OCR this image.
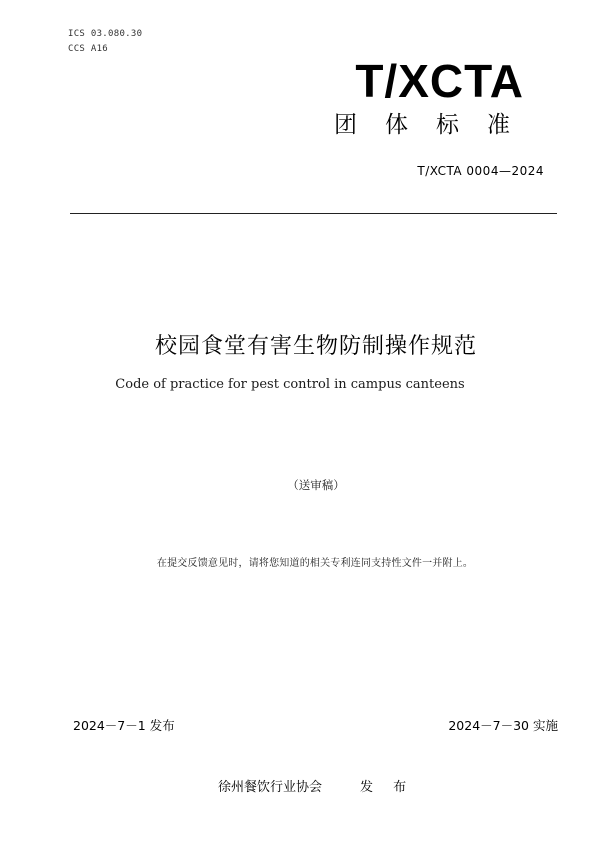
ICS 03.080.30
CCS A16
T/XCTA
团体标准
T/XCTA 0004—2024
校园食堂有害生物防制操作规范
Code of practice for pest control in campus canteens
（送审稿）
在提交反馈意见时，请将您知道的相关专利连同支持性文件一并附上。
2024－7－1 发布	2024－7－30 实施
徐州餐饮行业协会	发 布
